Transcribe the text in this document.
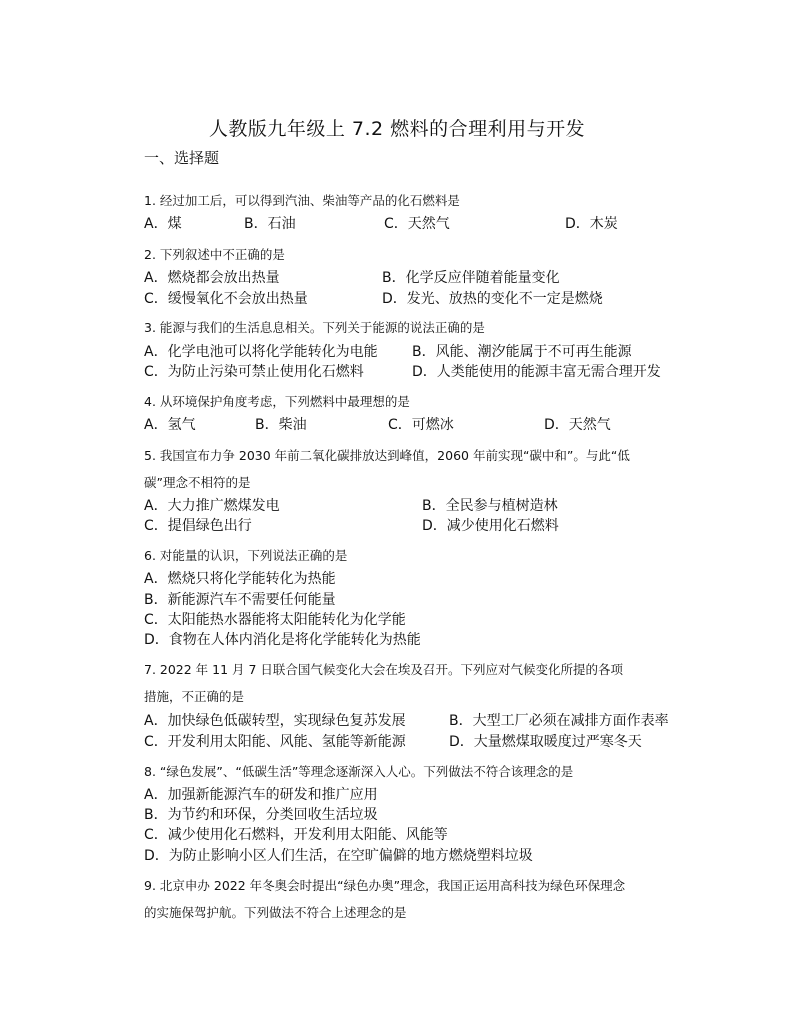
人教版九年级上 7.2 燃料的合理利用与开发
一、选择题
1. 经过加工后，可以得到汽油、柴油等产品的化石燃料是
A．煤	B．石油	C．天然气	D．木炭
2. 下列叙述中不正确的是
A．燃烧都会放出热量	B．化学反应伴随着能量变化
C．缓慢氧化不会放出热量	D．发光、放热的变化不一定是燃烧
3. 能源与我们的生活息息相关。下列关于能源的说法正确的是
A．化学电池可以将化学能转化为电能 B．风能、潮汐能属于不可再生能源
C．为防止污染可禁止使用化石燃料	D．人类能使用的能源丰富无需合理开发
4. 从环境保护角度考虑，下列燃料中最理想的是
A．氢气	B．柴油	C．可燃冰	D．天然气
5. 我国宣布力争 2030 年前二氧化碳排放达到峰值，2060 年前实现“碳中和”。与此“低
碳”理念不相符的是
A．大力推广燃煤发电	B．全民参与植树造林
C．提倡绿色出行	D．减少使用化石燃料
6. 对能量的认识，下列说法正确的是
A．燃烧只将化学能转化为热能
B．新能源汽车不需要任何能量
C．太阳能热水器能将太阳能转化为化学能
D．食物在人体内消化是将化学能转化为热能
7. 2022 年 11 月 7 日联合国气候变化大会在埃及召开。下列应对气候变化所提的各项
措施，不正确的是
A．加快绿色低碳转型，实现绿色复苏发展	B．大型工厂必须在减排方面作表率
C．开发利用太阳能、风能、氢能等新能源	D．大量燃煤取暖度过严寒冬天
8. “绿色发展”、“低碳生活”等理念逐渐深入人心。下列做法不符合该理念的是
A．加强新能源汽车的研发和推广应用
B．为节约和环保，分类回收生活垃圾
C．减少使用化石燃料，开发利用太阳能、风能等
D．为防止影响小区人们生活，在空旷偏僻的地方燃烧塑料垃圾
9. 北京申办 2022 年冬奥会时提出“绿色办奥”理念，我国正运用高科技为绿色环保理念
的实施保驾护航。下列做法不符合上述理念的是
